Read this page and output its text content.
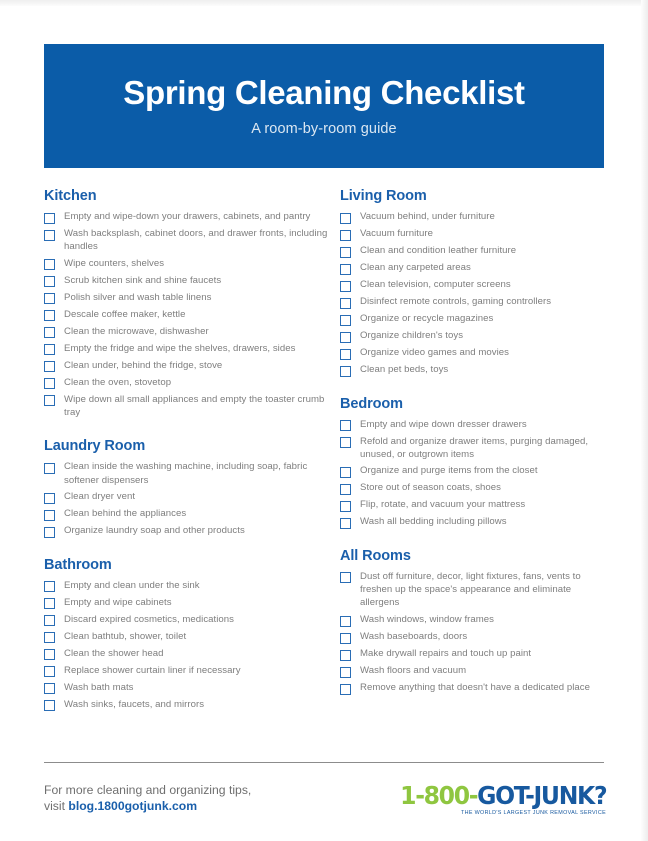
Spring Cleaning Checklist
A room-by-room guide
Kitchen
Empty and wipe-down your drawers, cabinets, and pantry
Wash backsplash, cabinet doors, and drawer fronts, including handles
Wipe counters, shelves
Scrub kitchen sink and shine faucets
Polish silver and wash table linens
Descale coffee maker, kettle
Clean the microwave, dishwasher
Empty the fridge and wipe the shelves, drawers, sides
Clean under, behind the fridge, stove
Clean the oven, stovetop
Wipe down all small appliances and empty the toaster crumb tray
Laundry Room
Clean inside the washing machine, including soap, fabric softener dispensers
Clean dryer vent
Clean behind the appliances
Organize laundry soap and other products
Bathroom
Empty and clean under the sink
Empty and wipe cabinets
Discard expired cosmetics, medications
Clean bathtub, shower, toilet
Clean the shower head
Replace shower curtain liner if necessary
Wash bath mats
Wash sinks, faucets, and mirrors
Living Room
Vacuum behind, under furniture
Vacuum furniture
Clean and condition leather furniture
Clean any carpeted areas
Clean television, computer screens
Disinfect remote controls, gaming controllers
Organize or recycle magazines
Organize children's toys
Organize video games and movies
Clean pet beds, toys
Bedroom
Empty and wipe down dresser drawers
Refold and organize drawer items, purging damaged, unused, or outgrown items
Organize and purge items from the closet
Store out of season coats, shoes
Flip, rotate, and vacuum your mattress
Wash all bedding including pillows
All Rooms
Dust off furniture, decor, light fixtures, fans, vents to freshen up the space's appearance and eliminate allergens
Wash windows, window frames
Wash baseboards, doors
Make drywall repairs and touch up paint
Wash floors and vacuum
Remove anything that doesn't have a dedicated place
For more cleaning and organizing tips,
visit blog.1800gotjunk.com	1-800-GOT-JUNK?
THE WORLD'S LARGEST JUNK REMOVAL SERVICE
